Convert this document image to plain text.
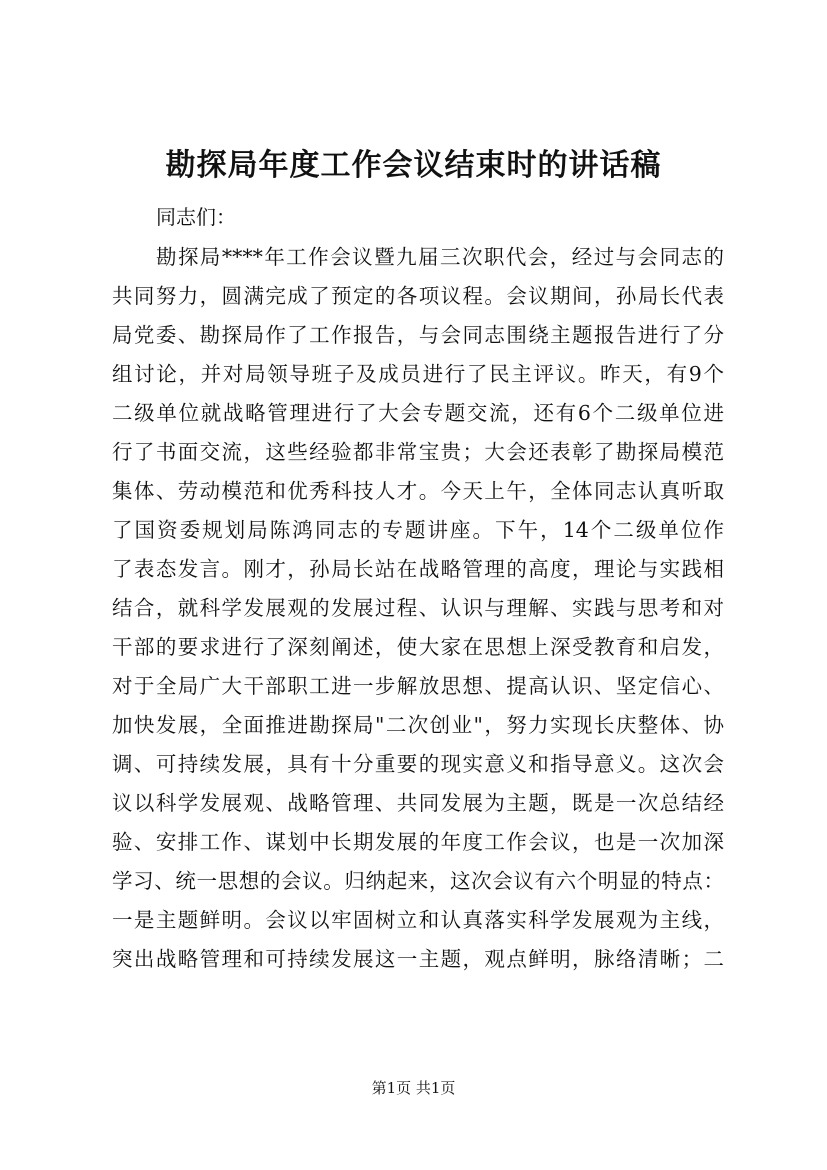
勘探局年度工作会议结束时的讲话稿

同志们：

勘探局****年工作会议暨九届三次职代会，经过与会同志的
共同努力，圆满完成了预定的各项议程。会议期间，孙局长代表
局党委、勘探局作了工作报告，与会同志围绕主题报告进行了分
组讨论，并对局领导班子及成员进行了民主评议。昨天，有9个
二级单位就战略管理进行了大会专题交流，还有6个二级单位进
行了书面交流，这些经验都非常宝贵；大会还表彰了勘探局模范
集体、劳动模范和优秀科技人才。今天上午，全体同志认真听取
了国资委规划局陈鸿同志的专题讲座。下午，14个二级单位作
了表态发言。刚才，孙局长站在战略管理的高度，理论与实践相
结合，就科学发展观的发展过程、认识与理解、实践与思考和对
干部的要求进行了深刻阐述，使大家在思想上深受教育和启发，
对于全局广大干部职工进一步解放思想、提高认识、坚定信心、
加快发展，全面推进勘探局"二次创业"，努力实现长庆整体、协
调、可持续发展，具有十分重要的现实意义和指导意义。这次会
议以科学发展观、战略管理、共同发展为主题，既是一次总结经
验、安排工作、谋划中长期发展的年度工作会议，也是一次加深
学习、统一思想的会议。归纳起来，这次会议有六个明显的特点：
一是主题鲜明。会议以牢固树立和认真落实科学发展观为主线，
突出战略管理和可持续发展这一主题，观点鲜明，脉络清晰；二

第1页 共1页
